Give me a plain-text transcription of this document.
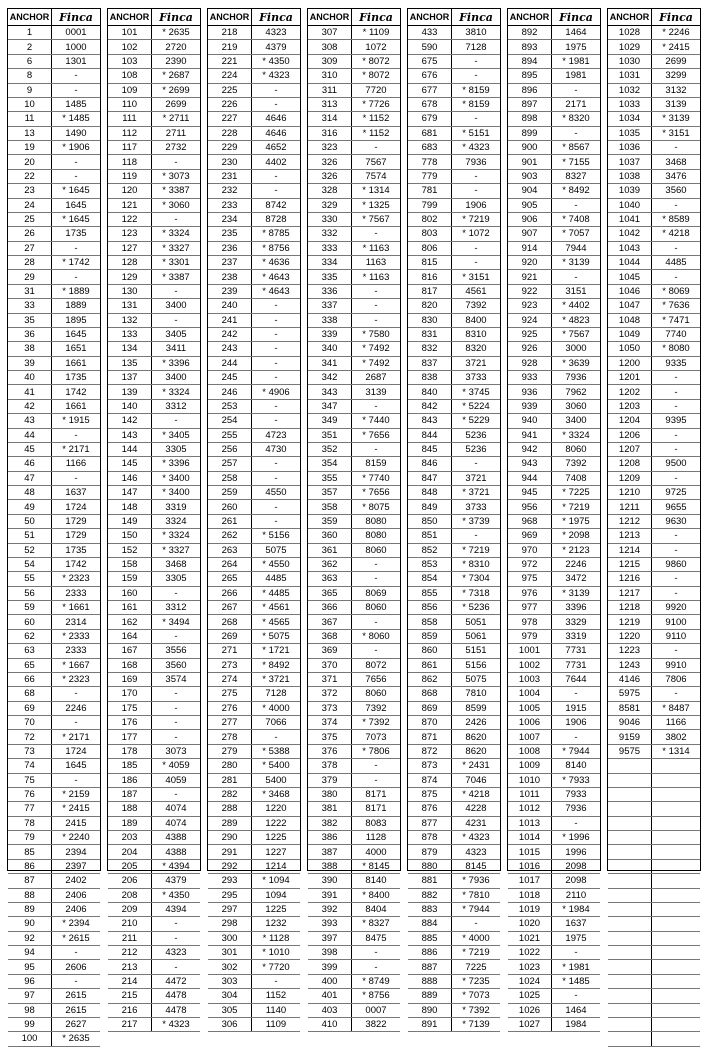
ANCHOR Finca
1	0001
2	1000
6	1301
8	-
9	-
10	1485
11	* 1485
13	1490
19	* 1906
20	-
22	-
23	* 1645
24	1645
25	* 1645
26	1735
27	-
28	* 1742
29	-
31	* 1889
33	1889
35	1895
36	1645
38	1651
39	1661
40	1735
41	1742
42	1661
43	* 1915
44	-
45	* 2171
46	1166
47	-
48	1637
49	1724
50	1729
51	1729
52	1735
54	1742
55	* 2323
56	2333
59	* 1661
60	2314
62	* 2333
63	2333
65	* 1667
66	* 2323
68	-
69	2246
70	-
72	* 2171
73	1724
74	1645
75	-
76	* 2159
77	* 2415
78	2415
79	* 2240
85	2394
86	2397
87	2402
88	2406
89	2406
90	* 2394
92	* 2615
94	-
95	2606
96	-
97	2615
98	2615
99	2627
100	* 2635
ANCHOR Finca
101	* 2635
102	2720
103	2390
108	* 2687
109	* 2699
110	2699
111	* 2711
112	2711
117	2732
118	-
119	* 3073
120	* 3387
121	* 3060
122	-
123	* 3324
127	* 3327
128	* 3301
129	* 3387
130	-
131	3400
132	-
133	3405
134	3411
135	* 3396
137	3400
139	* 3324
140	3312
142	-
143	* 3405
144	3305
145	* 3396
146	* 3400
147	* 3400
148	3319
149	3324
150	* 3324
152	* 3327
158	3468
159	3305
160	-
161	3312
162	* 3494
164	-
167	3556
168	3560
169	3574
170	-
175	-
176	-
177	-
178	3073
185	* 4059
186	4059
187	-
188	4074
189	4074
203	4388
204	4388
205	* 4394
206	4379
208	* 4350
209	4394
210	-
211	-
212	4323
213	-
214	4472
215	4478
216	4478
217	* 4323
ANCHOR Finca
218	4323
219	4379
221	* 4350
224	* 4323
225	-
226	-
227	4646
228	4646
229	4652
230	4402
231	-
232	-
233	8742
234	8728
235	* 8785
236	* 8756
237	* 4636
238	* 4643
239	* 4643
240	-
241	-
242	-
243	-
244	-
245	-
246	* 4906
253	-
254	-
255	4723
256	4730
257	-
258	-
259	4550
260	-
261	-
262	* 5156
263	5075
264	* 4550
265	4485
266	* 4485
267	* 4561
268	* 4565
269	* 5075
271	* 1721
273	* 8492
274	* 3721
275	7128
276	* 4000
277	7066
278	-
279	* 5388
280	* 5400
281	5400
282	* 3468
288	1220
289	1222
290	1225
291	1227
292	1214
293	* 1094
295	1094
297	1225
298	1232
300	* 1128
301	* 1010
302	* 7720
303	-
304	1152
305	1140
306	1109
ANCHOR Finca
307	* 1109
308	1072
309	* 8072
310	* 8072
311	7720
313	* 7726
314	* 1152
316	* 1152
323	-
326	7567
326	7574
328	* 1314
329	* 1325
330	* 7567
332	-
333	* 1163
334	1163
335	* 1163
336	-
337	-
338	-
339	* 7580
340	* 7492
341	* 7492
342	2687
343	3139
347	-
349	* 7440
351	* 7656
352	-
354	8159
355	* 7740
357	* 7656
358	* 8075
359	8080
360	8080
361	8060
362	-
363	-
365	8069
366	8060
367	-
368	* 8060
369	-
370	8072
371	7656
372	8060
373	7392
374	* 7392
375	7073
376	* 7806
378	-
379	-
380	8171
381	8171
382	8083
386	1128
387	4000
388	* 8145
390	8140
391	* 8400
392	8404
393	* 8327
397	8475
398	-
399	-
400	* 8749
401	* 8756
403	0007
410	3822
ANCHOR Finca
433	3810
590	7128
675	-
676	-
677	* 8159
678	* 8159
679	-
681	* 5151
683	* 4323
778	7936
779	-
781	-
799	1906
802	* 7219
803	* 1072
806	-
815	-
816	* 3151
817	4561
820	7392
830	8400
831	8310
832	8320
837	3721
838	3733
840	* 3745
842	* 5224
843	* 5229
844	5236
845	5236
846	-
847	3721
848	* 3721
849	3733
850	* 3739
851	-
852	* 7219
853	* 8310
854	* 7304
855	* 7318
856	* 5236
858	5051
859	5061
860	5151
861	5156
862	5075
868	7810
869	8599
870	2426
871	8620
872	8620
873	* 2431
874	7046
875	* 4218
876	4228
877	4231
878	* 4323
879	4323
880	8145
881	* 7936
882	* 7810
883	* 7944
884	-
885	* 4000
886	* 7219
887	7225
888	* 7235
889	* 7073
890	* 7392
891	* 7139
ANCHOR Finca
892	1464
893	1975
894	* 1981
895	1981
896	-
897	2171
898	* 8320
899	-
900	* 8567
901	* 7155
903	8327
904	* 8492
905	-
906	* 7408
907	* 7057
914	7944
920	* 3139
921	-
922	3151
923	* 4402
924	* 4823
925	* 7567
926	3000
928	* 3639
933	7936
936	7962
939	3060
940	3400
941	* 3324
942	8060
943	7392
944	7408
945	* 7225
956	* 7219
968	* 1975
969	* 2098
970	* 2123
972	2246
975	3472
976	* 3139
977	3396
978	3329
979	3319
1001	7731
1002	7731
1003	7644
1004	-
1005	1915
1006	1906
1007	-
1008	* 7944
1009	8140
1010	* 7933
1011	7933
1012	7936
1013	-
1014	* 1996
1015	1996
1016	2098
1017	2098
1018	2110
1019	* 1984
1020	1637
1021	1975
1022	-
1023	* 1981
1024	* 1485
1025	-
1026	1464
1027	1984
ANCHOR Finca
1028	* 2246
1029	* 2415
1030	2699
1031	3299
1032	3132
1033	3139
1034	* 3139
1035	* 3151
1036	-
1037	3468
1038	3476
1039	3560
1040	-
1041	* 8589
1042	* 4218
1043	-
1044	4485
1045	-
1046	* 8069
1047	* 7636
1048	* 7471
1049	7740
1050	* 8080
1200	9335
1201	-
1202	-
1203	-
1204	9395
1206	-
1207	-
1208	9500
1209	-
1210	9725
1211	9655
1212	9630
1213	-
1214	-
1215	9860
1216	-
1217	-
1218	9920
1219	9100
1220	9110
1223	-
1243	9910
4146	7806
5975	-
8581	* 8487
9046	1166
9159	3802
9575	* 1314
